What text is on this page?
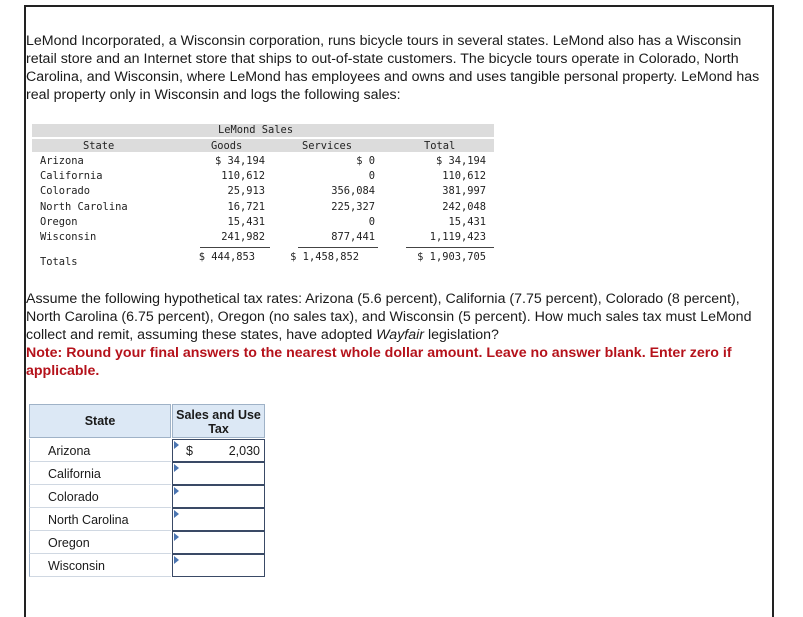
LeMond Incorporated, a Wisconsin corporation, runs bicycle tours in several states. LeMond also has a Wisconsin retail store and an Internet store that ships to out-of-state customers. The bicycle tours operate in Colorado, North Carolina, and Wisconsin, where LeMond has employees and owns and uses tangible personal property. LeMond has real property only in Wisconsin and logs the following sales:

LeMond Sales
State	Goods	Services	Total
Arizona	$ 34,194	$ 0	$ 34,194
California	110,612	0	110,612
Colorado	25,913	356,084	381,997
North Carolina	16,721	225,327	242,048
Oregon	15,431	0	15,431
Wisconsin	241,982	877,441	1,119,423
Totals	$ 444,853	$ 1,458,852	$ 1,903,705

Assume the following hypothetical tax rates: Arizona (5.6 percent), California (7.75 percent), Colorado (8 percent), North Carolina (6.75 percent), Oregon (no sales tax), and Wisconsin (5 percent). How much sales tax must LeMond collect and remit, assuming these states, have adopted Wayfair legislation?
Note: Round your final answers to the nearest whole dollar amount. Leave no answer blank. Enter zero if applicable.

State	Sales and Use Tax
Arizona	$	2,030
California
Colorado
North Carolina
Oregon
Wisconsin
